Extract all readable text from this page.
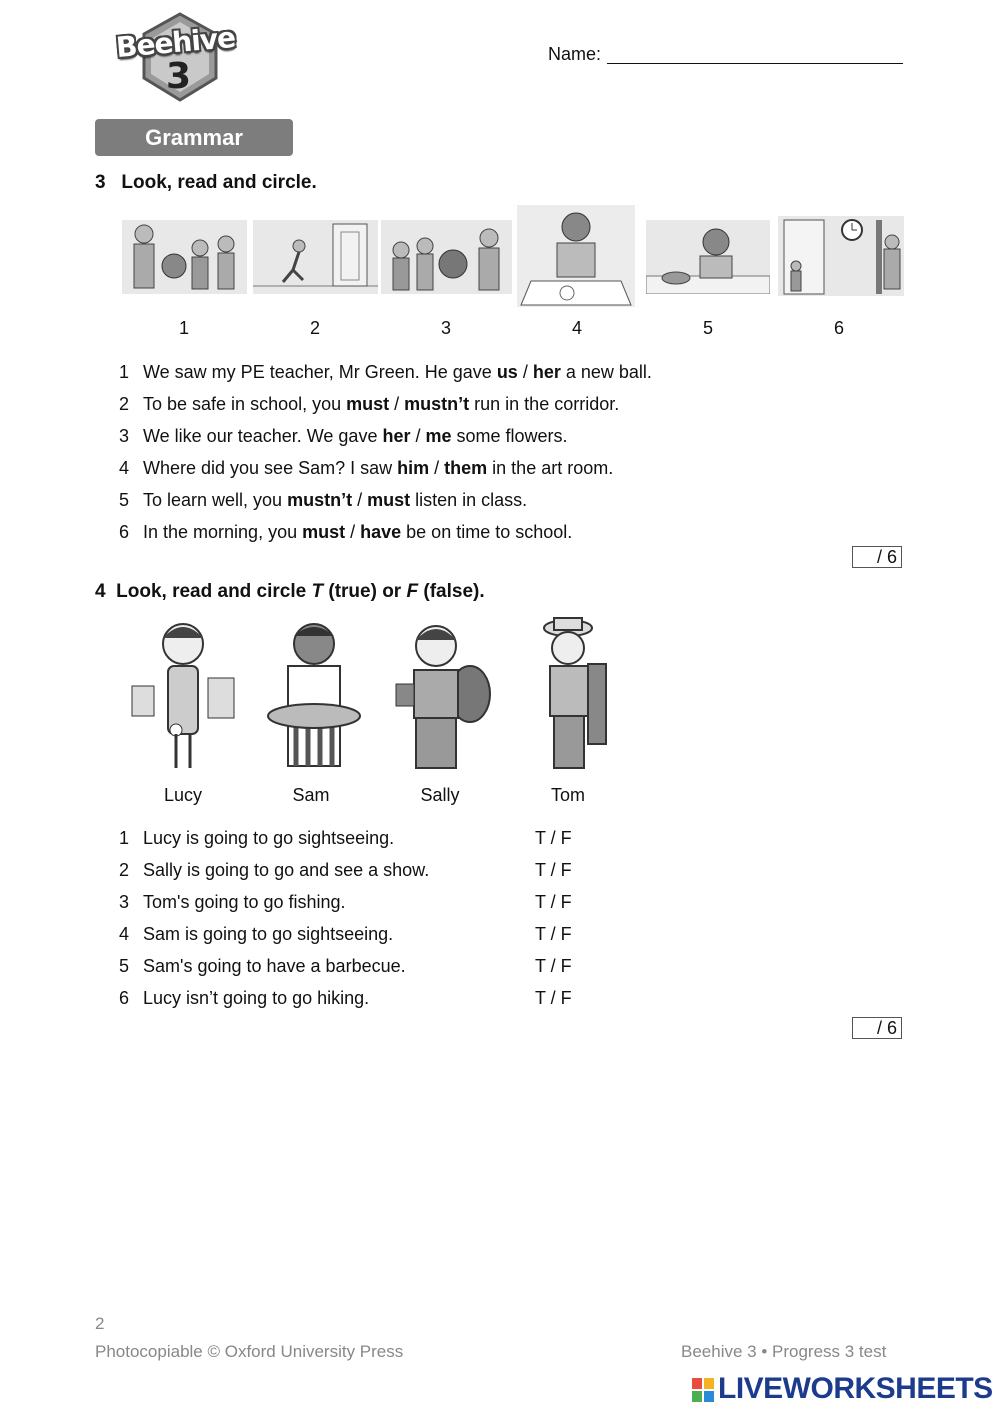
Beehive
3
Name:
Grammar
3 Look, read and circle.
1	2	3	4	5	6
1 We saw my PE teacher, Mr Green. He gave us / her a new ball.
2 To be safe in school, you must / mustn’t run in the corridor.
3 We like our teacher. We gave her / me some flowers.
4 Where did you see Sam? I saw him / them in the art room.
5 To learn well, you mustn’t / must listen in class.
6 In the morning, you must / have be on time to school.
/ 6
4 Look, read and circle T (true) or F (false).
Lucy	Sam	Sally	Tom
1 Lucy is going to go sightseeing.	T / F
2 Sally is going to go and see a show.	T / F
3 Tom's going to go fishing.	T / F
4 Sam is going to go sightseeing.	T / F
5 Sam's going to have a barbecue.	T / F
6 Lucy isn’t going to go hiking.	T / F
/ 6
2
Photocopiable © Oxford University Press	Beehive 3 • Progress 3 test
LIVEWORKSHEETS
